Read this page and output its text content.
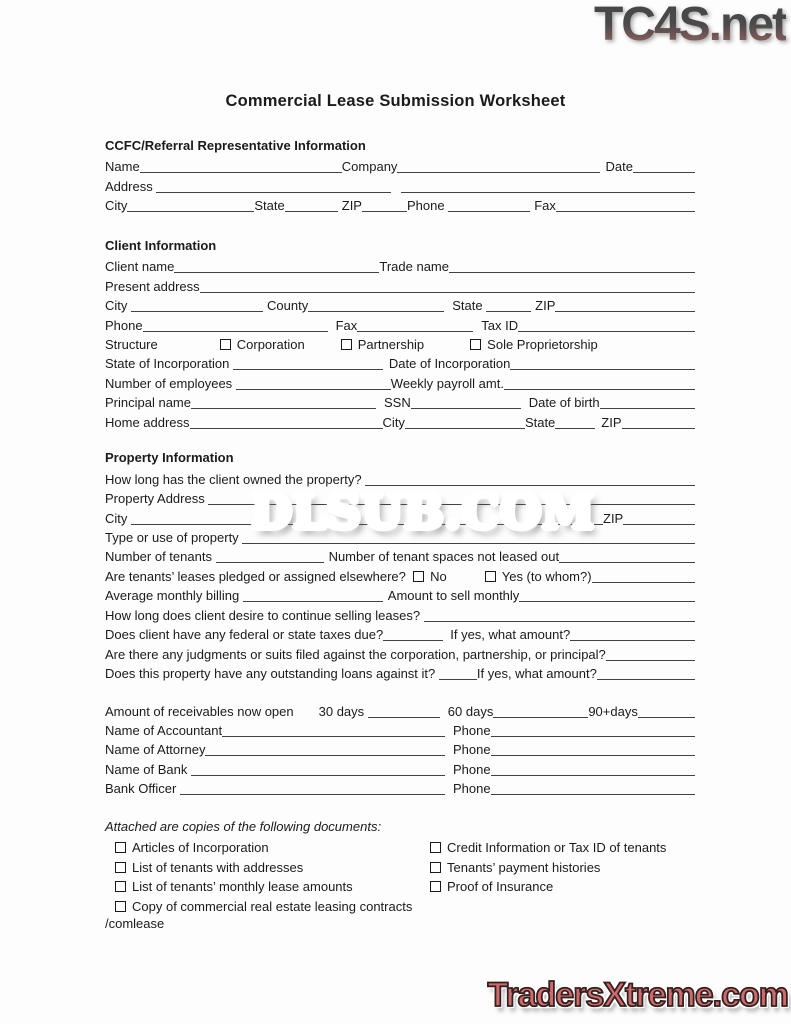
TC4S.net
Commercial Lease Submission Worksheet
CCFC/Referral Representative Information
Name	Company	Date
Address
City	State	ZIP	Phone	Fax
Client Information
Client name	Trade name
Present address
City	County	State	ZIP
Phone	Fax	Tax ID
Structure	Corporation	Partnership	Sole Proprietorship
State of Incorporation	Date of Incorporation
Number of employees	Weekly payroll amt.
Principal name	SSN	Date of birth
Home address	City	State	ZIP
Property Information
How long has the client owned the property?
Property Address
City	ZIP
Type or use of property
Number of tenants	Number of tenant spaces not leased out
Are tenants’ leases pledged or assigned elsewhere? No	Yes (to whom?)
Average monthly billing	Amount to sell monthly
How long does client desire to continue selling leases?
Does client have any federal or state taxes due?	If yes, what amount?
Are there any judgments or suits filed against the corporation, partnership, or principal?
Does this property have any outstanding loans against it?	If yes, what amount?
Amount of receivables now open 30 days	60 days	90+days
Name of Accountant	Phone
Name of Attorney	Phone
Name of Bank	Phone
Bank Officer	Phone
Attached are copies of the following documents:
Articles of Incorporation	Credit Information or Tax ID of tenants
List of tenants with addresses	Tenants’ payment histories
List of tenants’ monthly lease amounts	Proof of Insurance
Copy of commercial real estate leasing contracts
/comlease
DLSUB.COM
TradersXtreme.com
